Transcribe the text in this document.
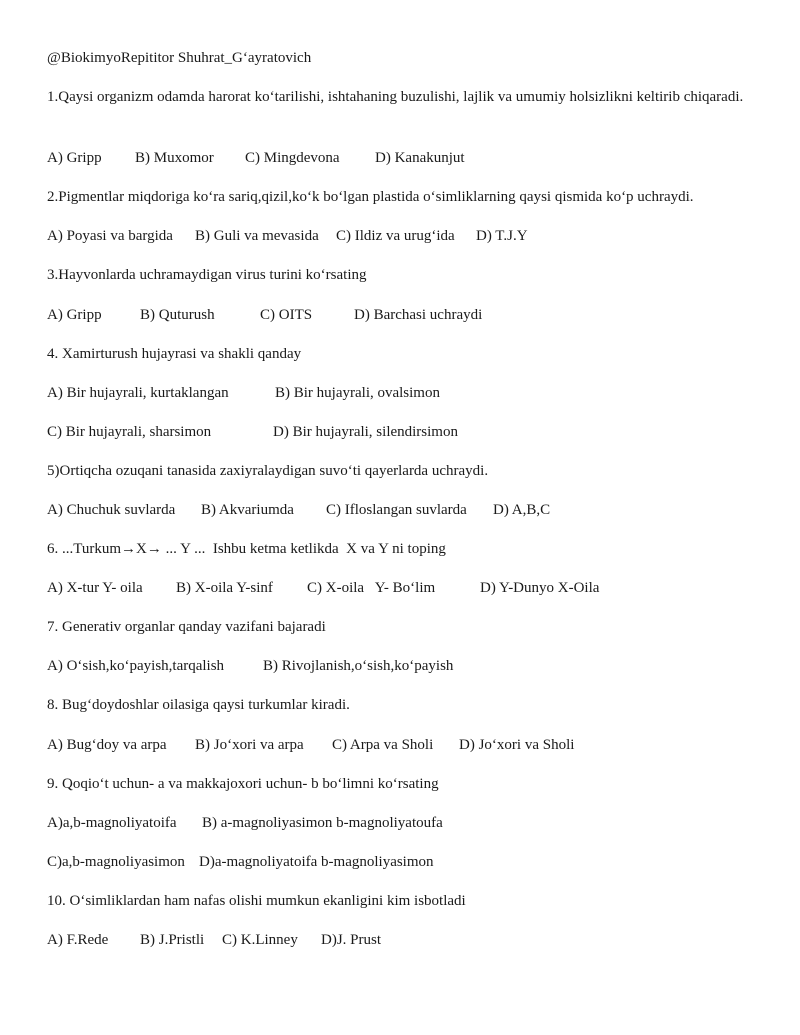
@BiokimyoRepititor Shuhrat_G‘ayratovich
1.Qaysi organizm odamda harorat ko‘tarilishi, ishtahaning buzulishi, lajlik va umumiy holsizlikni keltirib chiqaradi.
A) Gripp B) Muxomor C) Mingdevona D) Kanakunjut
2.Pigmentlar miqdoriga ko‘ra sariq,qizil,ko‘k bo‘lgan plastida o‘simliklarning qaysi qismida ko‘p uchraydi.
A) Poyasi va bargida B) Guli va mevasida C) Ildiz va urug‘ida D) T.J.Y
3.Hayvonlarda uchramaydigan virus turini ko‘rsating
A) Gripp	B) Quturush	C) OITS	D) Barchasi uchraydi
4. Xamirturush hujayrasi va shakli qanday
A) Bir hujayrali, kurtaklangan	B) Bir hujayrali, ovalsimon
C) Bir hujayrali, sharsimon	D) Bir hujayrali, silendirsimon
5)Ortiqcha ozuqani tanasida zaxiyralaydigan suvo‘ti qayerlarda uchraydi.
A) Chuchuk suvlarda B) Akvariumda C) Ifloslangan suvlarda D) A,B,C
6. ...Turkum→X→ ... Y ...  Ishbu ketma ketlikda  X va Y ni toping
A) X-tur Y- oila B) X-oila Y-sinf C) X-oila   Y- Bo‘lim	D) Y-Dunyo X-Oila
7. Generativ organlar qanday vazifani bajaradi
A) O‘sish,ko‘payish,tarqalish	B) Rivojlanish,o‘sish,ko‘payish
8. Bug‘doydoshlar oilasiga qaysi turkumlar kiradi.
A) Bug‘doy va arpa B) Jo‘xori va arpa C) Arpa va Sholi D) Jo‘xori va Sholi
9. Qoqio‘t uchun- a va makkajoxori uchun- b bo‘limni ko‘rsating
A)a,b-magnoliyatoifa B) a-magnoliyasimon b-magnoliyatoufa
C)a,b-magnoliyasimon D)a-magnoliyatoifa b-magnoliyasimon
10. O‘simliklardan ham nafas olishi mumkun ekanligini kim isbotladi
A) F.Rede B) J.Pristli C) K.Linney D)J. Prust
